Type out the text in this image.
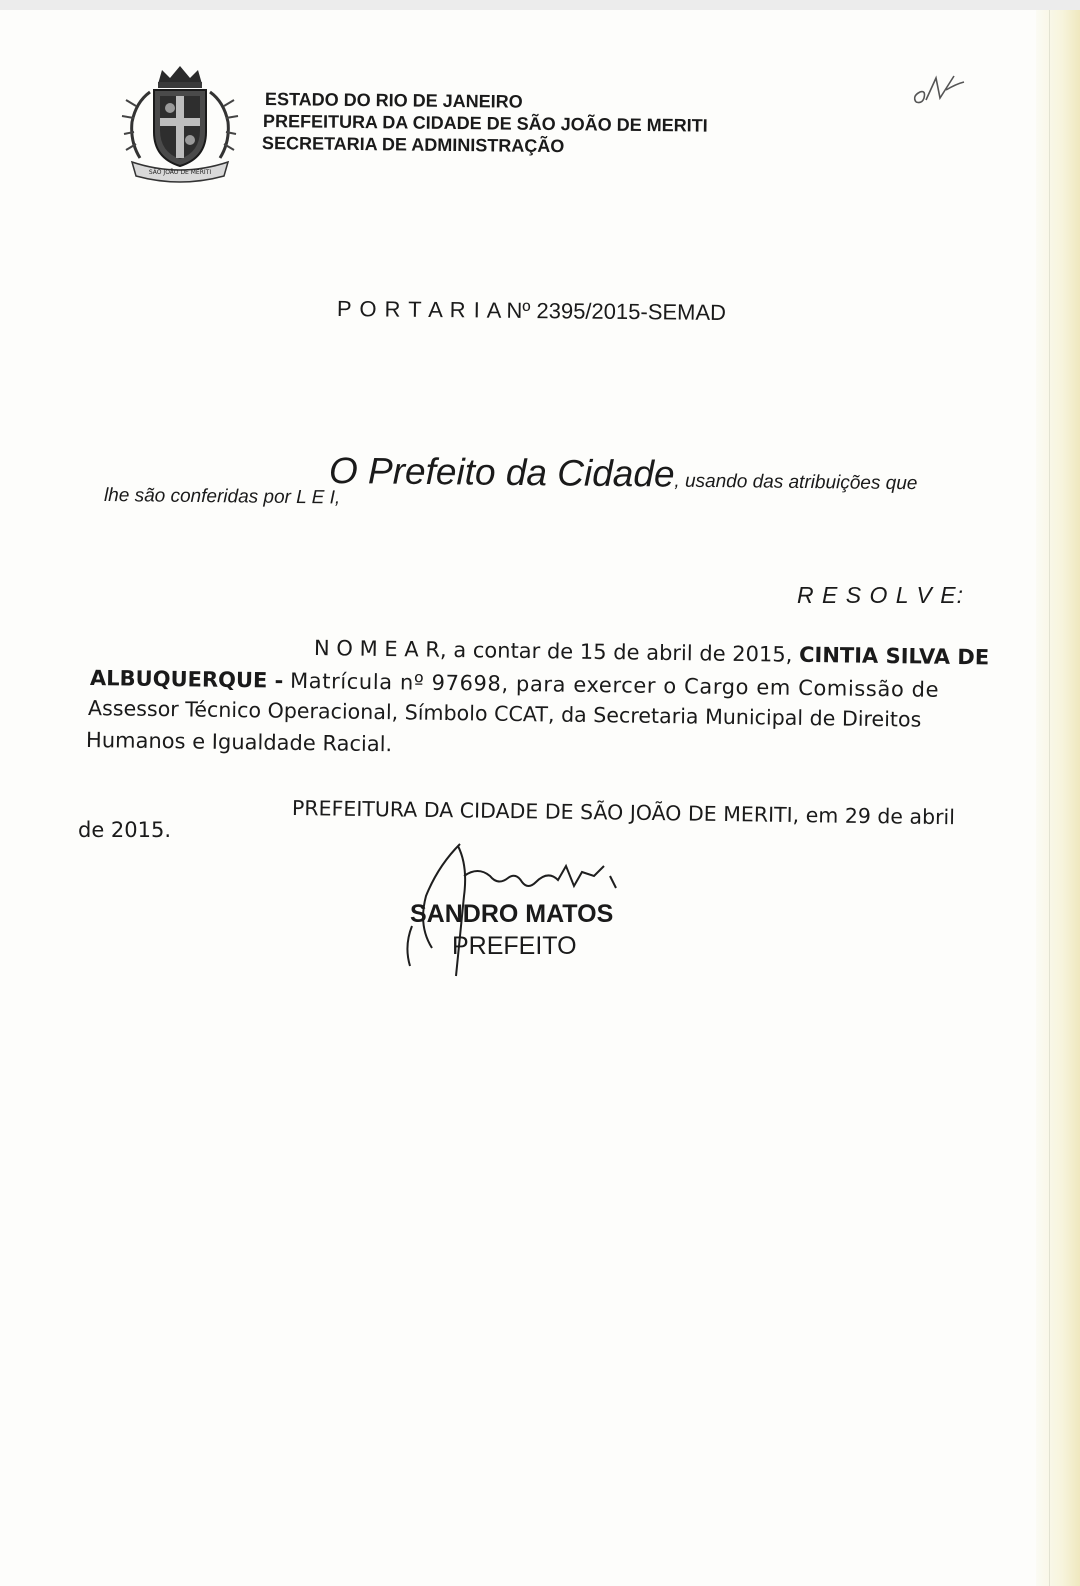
SÃO JOÃO DE MERITI
ESTADO DO RIO DE JANEIRO
PREFEITURA DA CIDADE DE SÃO JOÃO DE MERITI
SECRETARIA DE ADMINISTRAÇÃO
P O R T A R I A Nº 2395/2015-SEMAD
O Prefeito da Cidade, usando das atribuições que
lhe são conferidas por L E I,
R E S O L V E:
N O M E A R, a contar de 15 de abril de 2015, CINTIA SILVA DE
ALBUQUERQUE - Matrícula nº 97698, para exercer o Cargo em Comissão de
Assessor Técnico Operacional, Símbolo CCAT, da Secretaria Municipal de Direitos
Humanos e Igualdade Racial.
PREFEITURA DA CIDADE DE SÃO JOÃO DE MERITI, em 29 de abril
de 2015.
SANDRO MATOS
PREFEITO
